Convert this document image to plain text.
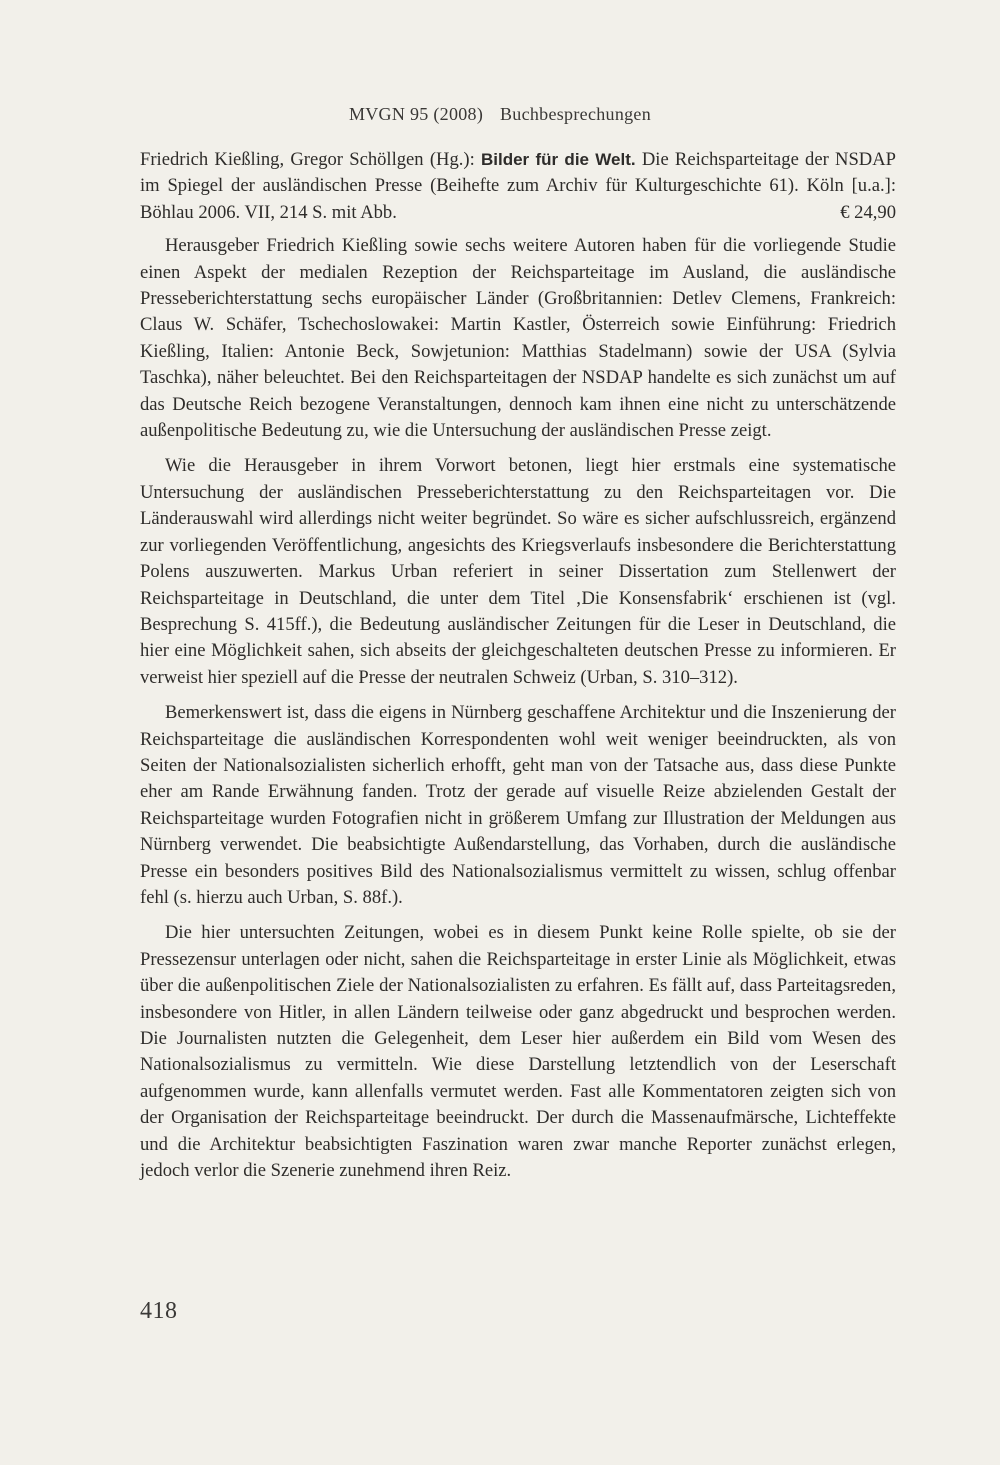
MVGN 95 (2008) Buchbesprechungen

Friedrich Kießling, Gregor Schöllgen (Hg.): Bilder für die Welt. Die Reichsparteitage der NSDAP im Spiegel der ausländischen Presse (Beihefte zum Archiv für Kulturgeschichte 61). Köln [u.a.]: Böhlau 2006. VII, 214 S. mit Abb.	€ 24,90

Herausgeber Friedrich Kießling sowie sechs weitere Autoren haben für die vorliegende Studie einen Aspekt der medialen Rezeption der Reichsparteitage im Ausland, die ausländische Presseberichterstattung sechs europäischer Länder (Großbritannien: Detlev Clemens, Frankreich: Claus W. Schäfer, Tschechoslowakei: Martin Kastler, Österreich sowie Einführung: Friedrich Kießling, Italien: Antonie Beck, Sowjetunion: Matthias Stadelmann) sowie der USA (Sylvia Taschka), näher beleuchtet. Bei den Reichsparteitagen der NSDAP handelte es sich zunächst um auf das Deutsche Reich bezogene Veranstaltungen, dennoch kam ihnen eine nicht zu unterschätzende außenpolitische Bedeutung zu, wie die Untersuchung der ausländischen Presse zeigt.

Wie die Herausgeber in ihrem Vorwort betonen, liegt hier erstmals eine systematische Untersuchung der ausländischen Presseberichterstattung zu den Reichsparteitagen vor. Die Länderauswahl wird allerdings nicht weiter begründet. So wäre es sicher aufschlussreich, ergänzend zur vorliegenden Veröffentlichung, angesichts des Kriegsverlaufs insbesondere die Berichterstattung Polens auszuwerten. Markus Urban referiert in seiner Dissertation zum Stellenwert der Reichsparteitage in Deutschland, die unter dem Titel ‚Die Konsensfabrik‘ erschienen ist (vgl. Besprechung S. 415ff.), die Bedeutung ausländischer Zeitungen für die Leser in Deutschland, die hier eine Möglichkeit sahen, sich abseits der gleichgeschalteten deutschen Presse zu informieren. Er verweist hier speziell auf die Presse der neutralen Schweiz (Urban, S. 310–312).

Bemerkenswert ist, dass die eigens in Nürnberg geschaffene Architektur und die Inszenierung der Reichsparteitage die ausländischen Korrespondenten wohl weit weniger beeindruckten, als von Seiten der Nationalsozialisten sicherlich erhofft, geht man von der Tatsache aus, dass diese Punkte eher am Rande Erwähnung fanden. Trotz der gerade auf visuelle Reize abzielenden Gestalt der Reichsparteitage wurden Fotografien nicht in größerem Umfang zur Illustration der Meldungen aus Nürnberg verwendet. Die beabsichtigte Außendarstellung, das Vorhaben, durch die ausländische Presse ein besonders positives Bild des Nationalsozialismus vermittelt zu wissen, schlug offenbar fehl (s. hierzu auch Urban, S. 88f.).

Die hier untersuchten Zeitungen, wobei es in diesem Punkt keine Rolle spielte, ob sie der Pressezensur unterlagen oder nicht, sahen die Reichsparteitage in erster Linie als Möglichkeit, etwas über die außenpolitischen Ziele der Nationalsozialisten zu erfahren. Es fällt auf, dass Parteitagsreden, insbesondere von Hitler, in allen Ländern teilweise oder ganz abgedruckt und besprochen werden. Die Journalisten nutzten die Gelegenheit, dem Leser hier außerdem ein Bild vom Wesen des Nationalsozialismus zu vermitteln. Wie diese Darstellung letztendlich von der Leserschaft aufgenommen wurde, kann allenfalls vermutet werden. Fast alle Kommentatoren zeigten sich von der Organisation der Reichsparteitage beeindruckt. Der durch die Massenaufmärsche, Lichteffekte und die Architektur beabsichtigten Faszination waren zwar manche Reporter zunächst erlegen, jedoch verlor die Szenerie zunehmend ihren Reiz.

418
